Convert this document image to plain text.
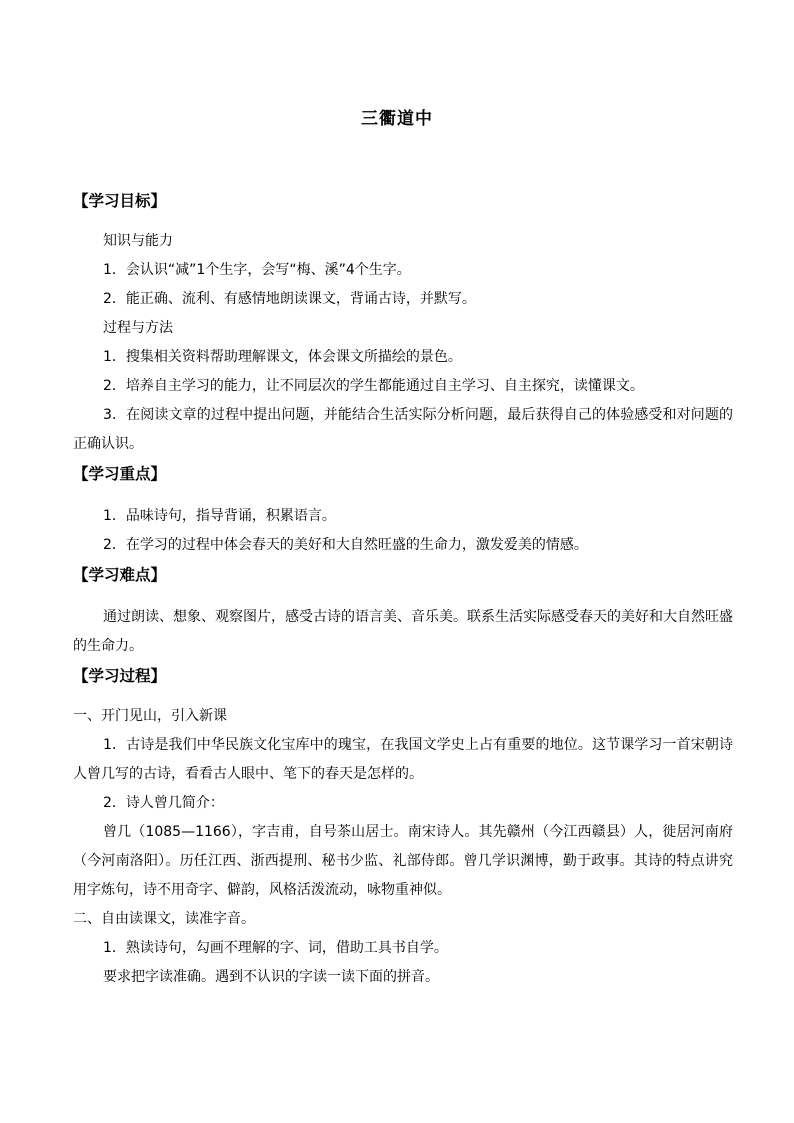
三衢道中
【学习目标】
知识与能力
1．会认识“减”1个生字，会写“梅、溪”4个生字。
2．能正确、流利、有感情地朗读课文，背诵古诗，并默写。
过程与方法
1．搜集相关资料帮助理解课文，体会课文所描绘的景色。
2．培养自主学习的能力，让不同层次的学生都能通过自主学习、自主探究，读懂课文。
3．在阅读文章的过程中提出问题，并能结合生活实际分析问题，最后获得自己的体验感受和对问题的正确认识。
【学习重点】
1．品味诗句，指导背诵，积累语言。
2．在学习的过程中体会春天的美好和大自然旺盛的生命力，激发爱美的情感。
【学习难点】
通过朗读、想象、观察图片，感受古诗的语言美、音乐美。联系生活实际感受春天的美好和大自然旺盛的生命力。
【学习过程】
一、开门见山，引入新课
1．古诗是我们中华民族文化宝库中的瑰宝，在我国文学史上占有重要的地位。这节课学习一首宋朝诗人曾几写的古诗，看看古人眼中、笔下的春天是怎样的。
2．诗人曾几简介：
曾几（1085—1166），字吉甫，自号茶山居士。南宋诗人。其先赣州（今江西赣县）人，徙居河南府（今河南洛阳）。历任江西、浙西提刑、秘书少监、礼部侍郎。曾几学识渊博，勤于政事。其诗的特点讲究用字炼句，诗不用奇字、僻韵，风格活泼流动，咏物重神似。
二、自由读课文，读准字音。
1．熟读诗句，勾画不理解的字、词，借助工具书自学。
要求把字读准确。遇到不认识的字读一读下面的拼音。
